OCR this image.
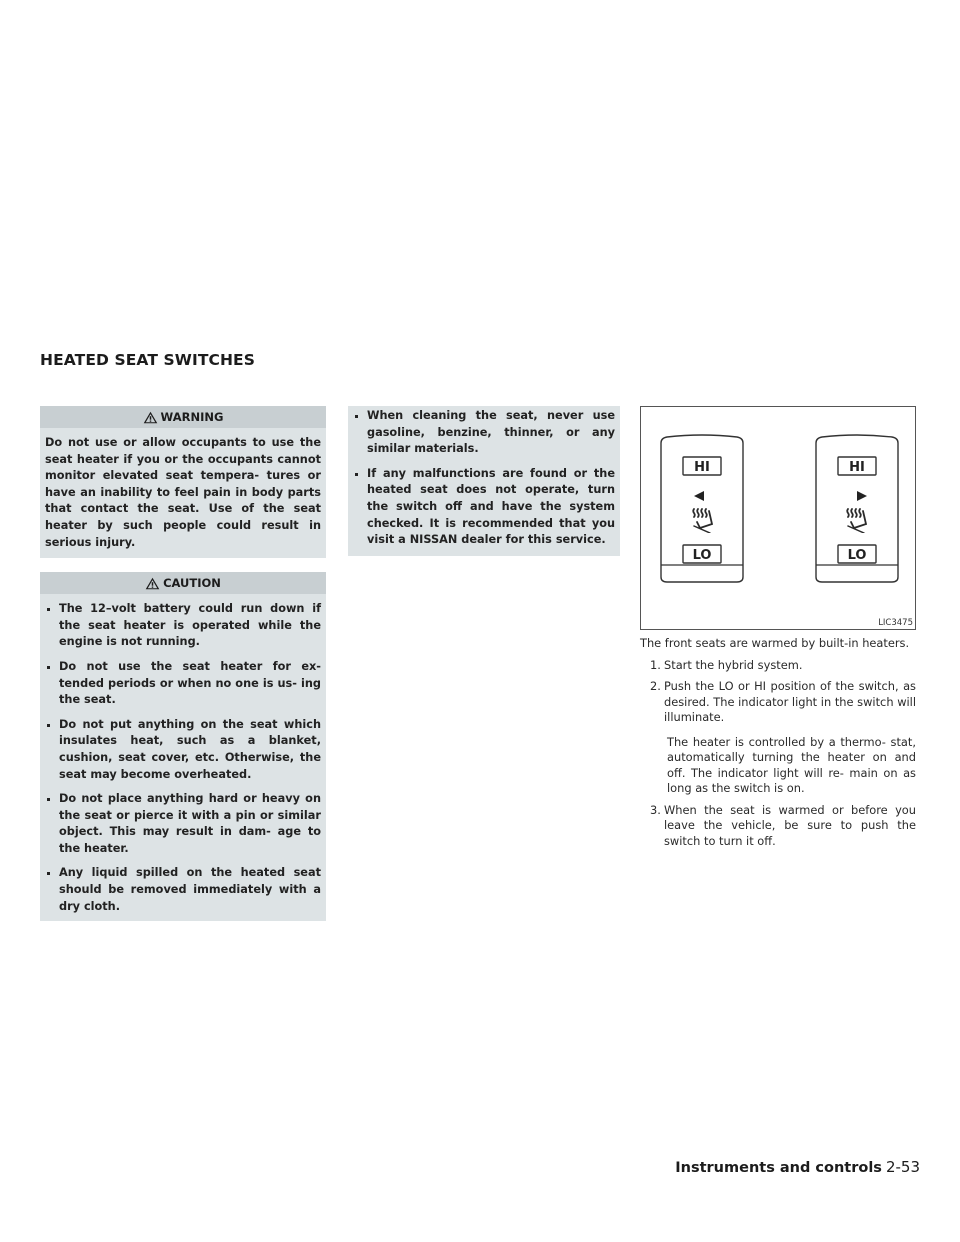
HEATED SEAT SWITCHES
WARNING
Do not use or allow occupants to use the seat heater if you or the occupants cannot monitor elevated seat tempera- tures or have an inability to feel pain in body parts that contact the seat. Use of the seat heater by such people could result in serious injury.
CAUTION
The 12–volt battery could run down if the seat heater is operated while the engine is not running.
Do not use the seat heater for ex- tended periods or when no one is us- ing the seat.
Do not put anything on the seat which insulates heat, such as a blanket, cushion, seat cover, etc. Otherwise, the seat may become overheated.
Do not place anything hard or heavy on the seat or pierce it with a pin or similar object. This may result in dam- age to the heater.
Any liquid spilled on the heated seat should be removed immediately with a dry cloth.
When cleaning the seat, never use gasoline, benzine, thinner, or any similar materials.
If any malfunctions are found or the heated seat does not operate, turn the switch off and have the system checked. It is recommended that you visit a NISSAN dealer for this service.
HI
LO
HI
LO
LIC3475
The front seats are warmed by built-in heaters.
1. Start the hybrid system.
2. Push the LO or HI position of the switch, as desired. The indicator light in the switch will illuminate.
The heater is controlled by a thermo- stat, automatically turning the heater on and off. The indicator light will re- main on as long as the switch is on.
3. When the seat is warmed or before you leave the vehicle, be sure to push the switch to turn it off.
Instruments and controls 2-53
